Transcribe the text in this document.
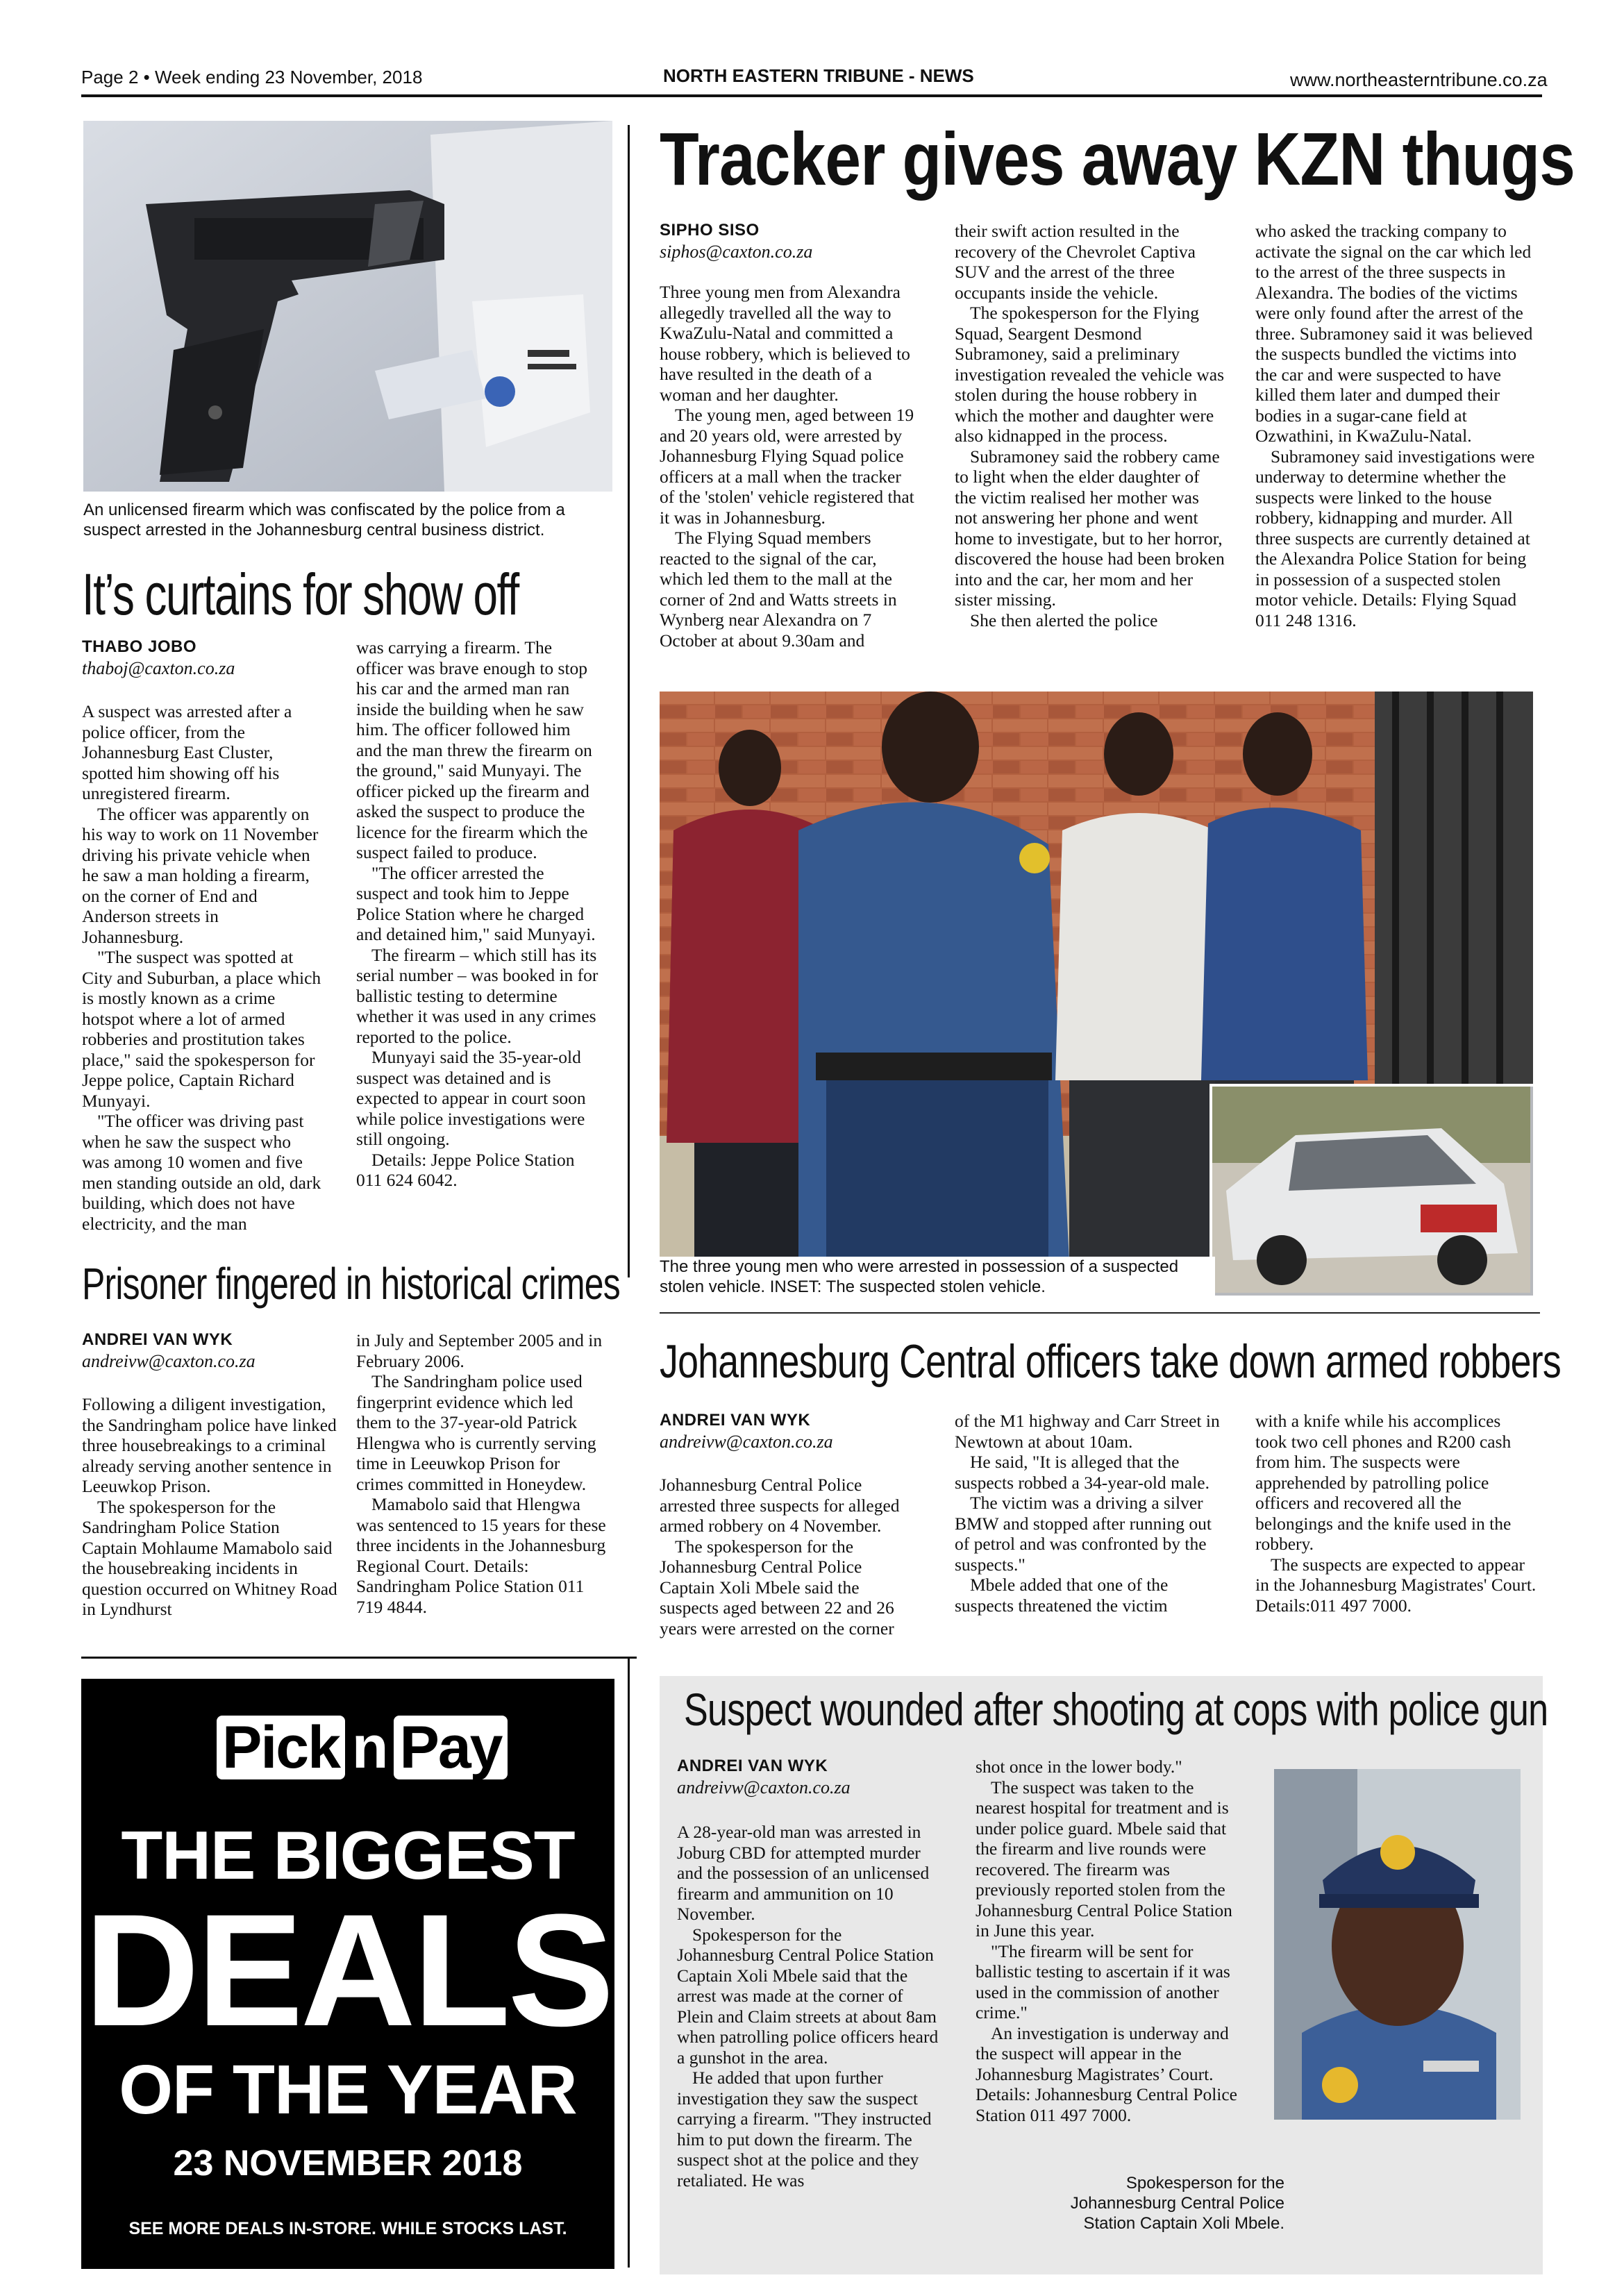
Page 2 • Week ending 23 November, 2018	NORTH EASTERN TRIBUNE - NEWS	www.northeasterntribune.co.za
An unlicensed firearm which was confiscated by the police from a suspect arrested in the Johannesburg central business district.
It’s curtains for show off
THABO JOBO
thaboj@caxton.co.za

A suspect was arrested after a police officer, from the Johannesburg East Cluster, spotted him showing off his unregistered firearm.

The officer was apparently on his way to work on 11 November driving his private vehicle when he saw a man holding a firearm, on the corner of End and Anderson streets in Johannesburg.

"The suspect was spotted at City and Suburban, a place which is mostly known as a crime hotspot where a lot of armed robberies and prostitution takes place," said the spokesperson for Jeppe police, Captain Richard Munyayi.

"The officer was driving past when he saw the suspect who was among 10 women and five men standing outside an old, dark building, which does not have electricity, and the man

was carrying a firearm. The officer was brave enough to stop his car and the armed man ran inside the building when he saw him. The officer followed him and the man threw the firearm on the ground," said Munyayi. The officer picked up the firearm and asked the suspect to produce the licence for the firearm which the suspect failed to produce.

"The officer arrested the suspect and took him to Jeppe Police Station where he charged and detained him," said Munyayi.

The firearm – which still has its serial number – was booked in for ballistic testing to determine whether it was used in any crimes reported to the police.

Munyayi said the 35-year-old suspect was detained and is expected to appear in court soon while police investigations were still ongoing.

Details: Jeppe Police Station 011 624 6042.

Tracker gives away KZN thugs
SIPHO SISO
siphos@caxton.co.za

Three young men from Alexandra allegedly travelled all the way to KwaZulu-Natal and committed a house robbery, which is believed to have resulted in the death of a woman and her daughter.

The young men, aged between 19 and 20 years old, were arrested by Johannesburg Flying Squad police officers at a mall when the tracker of the 'stolen' vehicle registered that it was in Johannesburg.

The Flying Squad members reacted to the signal of the car, which led them to the mall at the corner of 2nd and Watts streets in Wynberg near Alexandra on 7 October at about 9.30am and

their swift action resulted in the recovery of the Chevrolet Captiva SUV and the arrest of the three occupants inside the vehicle.

The spokesperson for the Flying Squad, Seargent Desmond Subramoney, said a preliminary investigation revealed the vehicle was stolen during the house robbery in which the mother and daughter were also kidnapped in the process.

Subramoney said the robbery came to light when the elder daughter of the victim realised her mother was not answering her phone and went home to investigate, but to her horror, discovered the house had been broken into and the car, her mom and her sister missing.

She then alerted the police

who asked the tracking company to activate the signal on the car which led to the arrest of the three suspects in Alexandra. The bodies of the victims were only found after the arrest of the three. Subramoney said it was believed the suspects bundled the victims into the car and were suspected to have killed them later and dumped their bodies in a sugar-cane field at Ozwathini, in KwaZulu-Natal.

Subramoney said investigations were underway to determine whether the suspects were linked to the house robbery, kidnapping and murder. All three suspects are currently detained at the Alexandra Police Station for being in possession of a suspected stolen motor vehicle. Details: Flying Squad 011 248 1316.

The three young men who were arrested in possession of a suspected stolen vehicle. INSET: The suspected stolen vehicle.
Prisoner fingered in historical crimes
ANDREI VAN WYK
andreivw@caxton.co.za

Following a diligent investigation, the Sandringham police have linked three housebreakings to a criminal already serving another sentence in Leeuwkop Prison.

The spokesperson for the Sandringham Police Station Captain Mohlaume Mamabolo said the housebreaking incidents in question occurred on Whitney Road in Lyndhurst

in July and September 2005 and in February 2006.

The Sandringham police used fingerprint evidence which led them to the 37-year-old Patrick Hlengwa who is currently serving time in Leeuwkop Prison for crimes committed in Honeydew.

Mamabolo said that Hlengwa was sentenced to 15 years for these three incidents in the Johannesburg Regional Court. Details: Sandringham Police Station 011 719 4844.

Johannesburg Central officers take down armed robbers
ANDREI VAN WYK
andreivw@caxton.co.za

Johannesburg Central Police arrested three suspects for alleged armed robbery on 4 November.

The spokesperson for the Johannesburg Central Police Captain Xoli Mbele said the suspects aged between 22 and 26 years were arrested on the corner

of the M1 highway and Carr Street in Newtown at about 10am.

He said, "It is alleged that the suspects robbed a 34-year-old male.

The victim was a driving a silver BMW and stopped after running out of petrol and was confronted by the suspects."

Mbele added that one of the suspects threatened the victim

with a knife while his accomplices took two cell phones and R200 cash from him. The suspects were apprehended by patrolling police officers and recovered all the belongings and the knife used in the robbery.

The suspects are expected to appear in the Johannesburg Magistrates' Court. Details:011 497 7000.

Pick n Pay
THE BIGGEST
DEALS
OF THE YEAR
23 NOVEMBER 2018
SEE MORE DEALS IN-STORE. WHILE STOCKS LAST.
Suspect wounded after shooting at cops with police gun
ANDREI VAN WYK
andreivw@caxton.co.za

A 28-year-old man was arrested in Joburg CBD for attempted murder and the possession of an unlicensed firearm and ammunition on 10 November.

Spokesperson for the Johannesburg Central Police Station Captain Xoli Mbele said that the arrest was made at the corner of Plein and Claim streets at about 8am when patrolling police officers heard a gunshot in the area.

He added that upon further investigation they saw the suspect carrying a firearm. "They instructed him to put down the firearm. The suspect shot at the police and they retaliated. He was

shot once in the lower body."

The suspect was taken to the nearest hospital for treatment and is under police guard. Mbele said that the firearm and live rounds were recovered. The firearm was previously reported stolen from the Johannesburg Central Police Station in June this year.

"The firearm will be sent for ballistic testing to ascertain if it was used in the commission of another crime."

An investigation is underway and the suspect will appear in the Johannesburg Magistrates’ Court. Details: Johannesburg Central Police Station 011 497 7000.

Spokesperson for the Johannesburg Central Police Station Captain Xoli Mbele.
